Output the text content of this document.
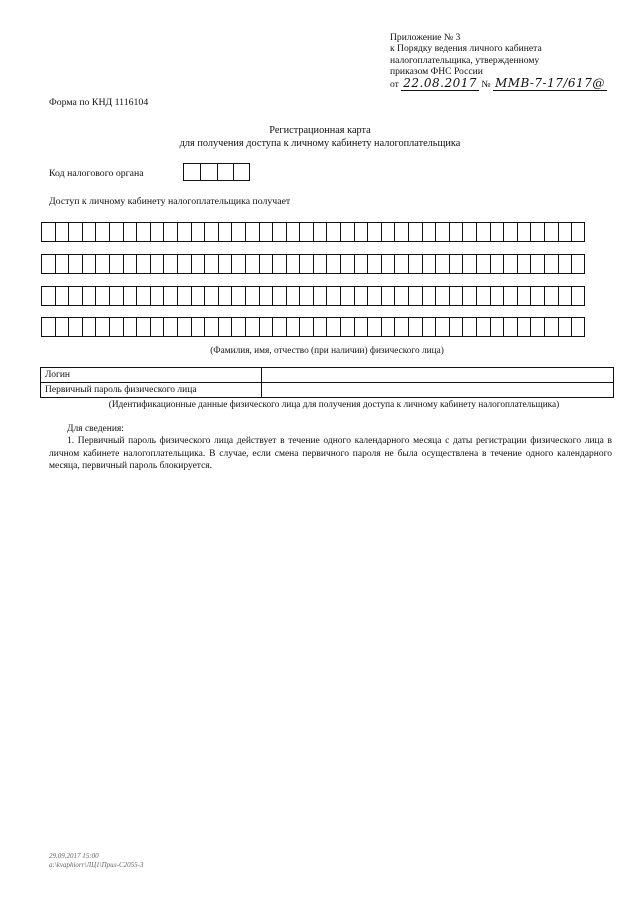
Приложение № 3
к Порядку ведения личного кабинета
налогоплательщика, утвержденному
приказом ФНС России
от 22.08.2017 № ММВ-7-17/617@
Форма по КНД 1116104
Регистрационная карта
для получения доступа к личному кабинету налогоплательщика
Код налогового органа
Доступ к личному кабинету налогоплательщика получает
(Фамилия, имя, отчество (при наличии) физического лица)
Логин	
Первичный пароль физического лица	
(Идентификационные данные физического лица для получения доступа к личному кабинету налогоплательщика)
Для сведения:
1. Первичный пароль физического лица действует в течение одного календарного месяца с даты регистрации физического лица в личном кабинете налогоплательщика. В случае, если смена первичного пароля не была осуществлена в течение одного календарного месяца, первичный пароль блокируется.
29.09.2017 15:00
a:\kvaphiorr\ЛЦ1\Прил-С2055-3
